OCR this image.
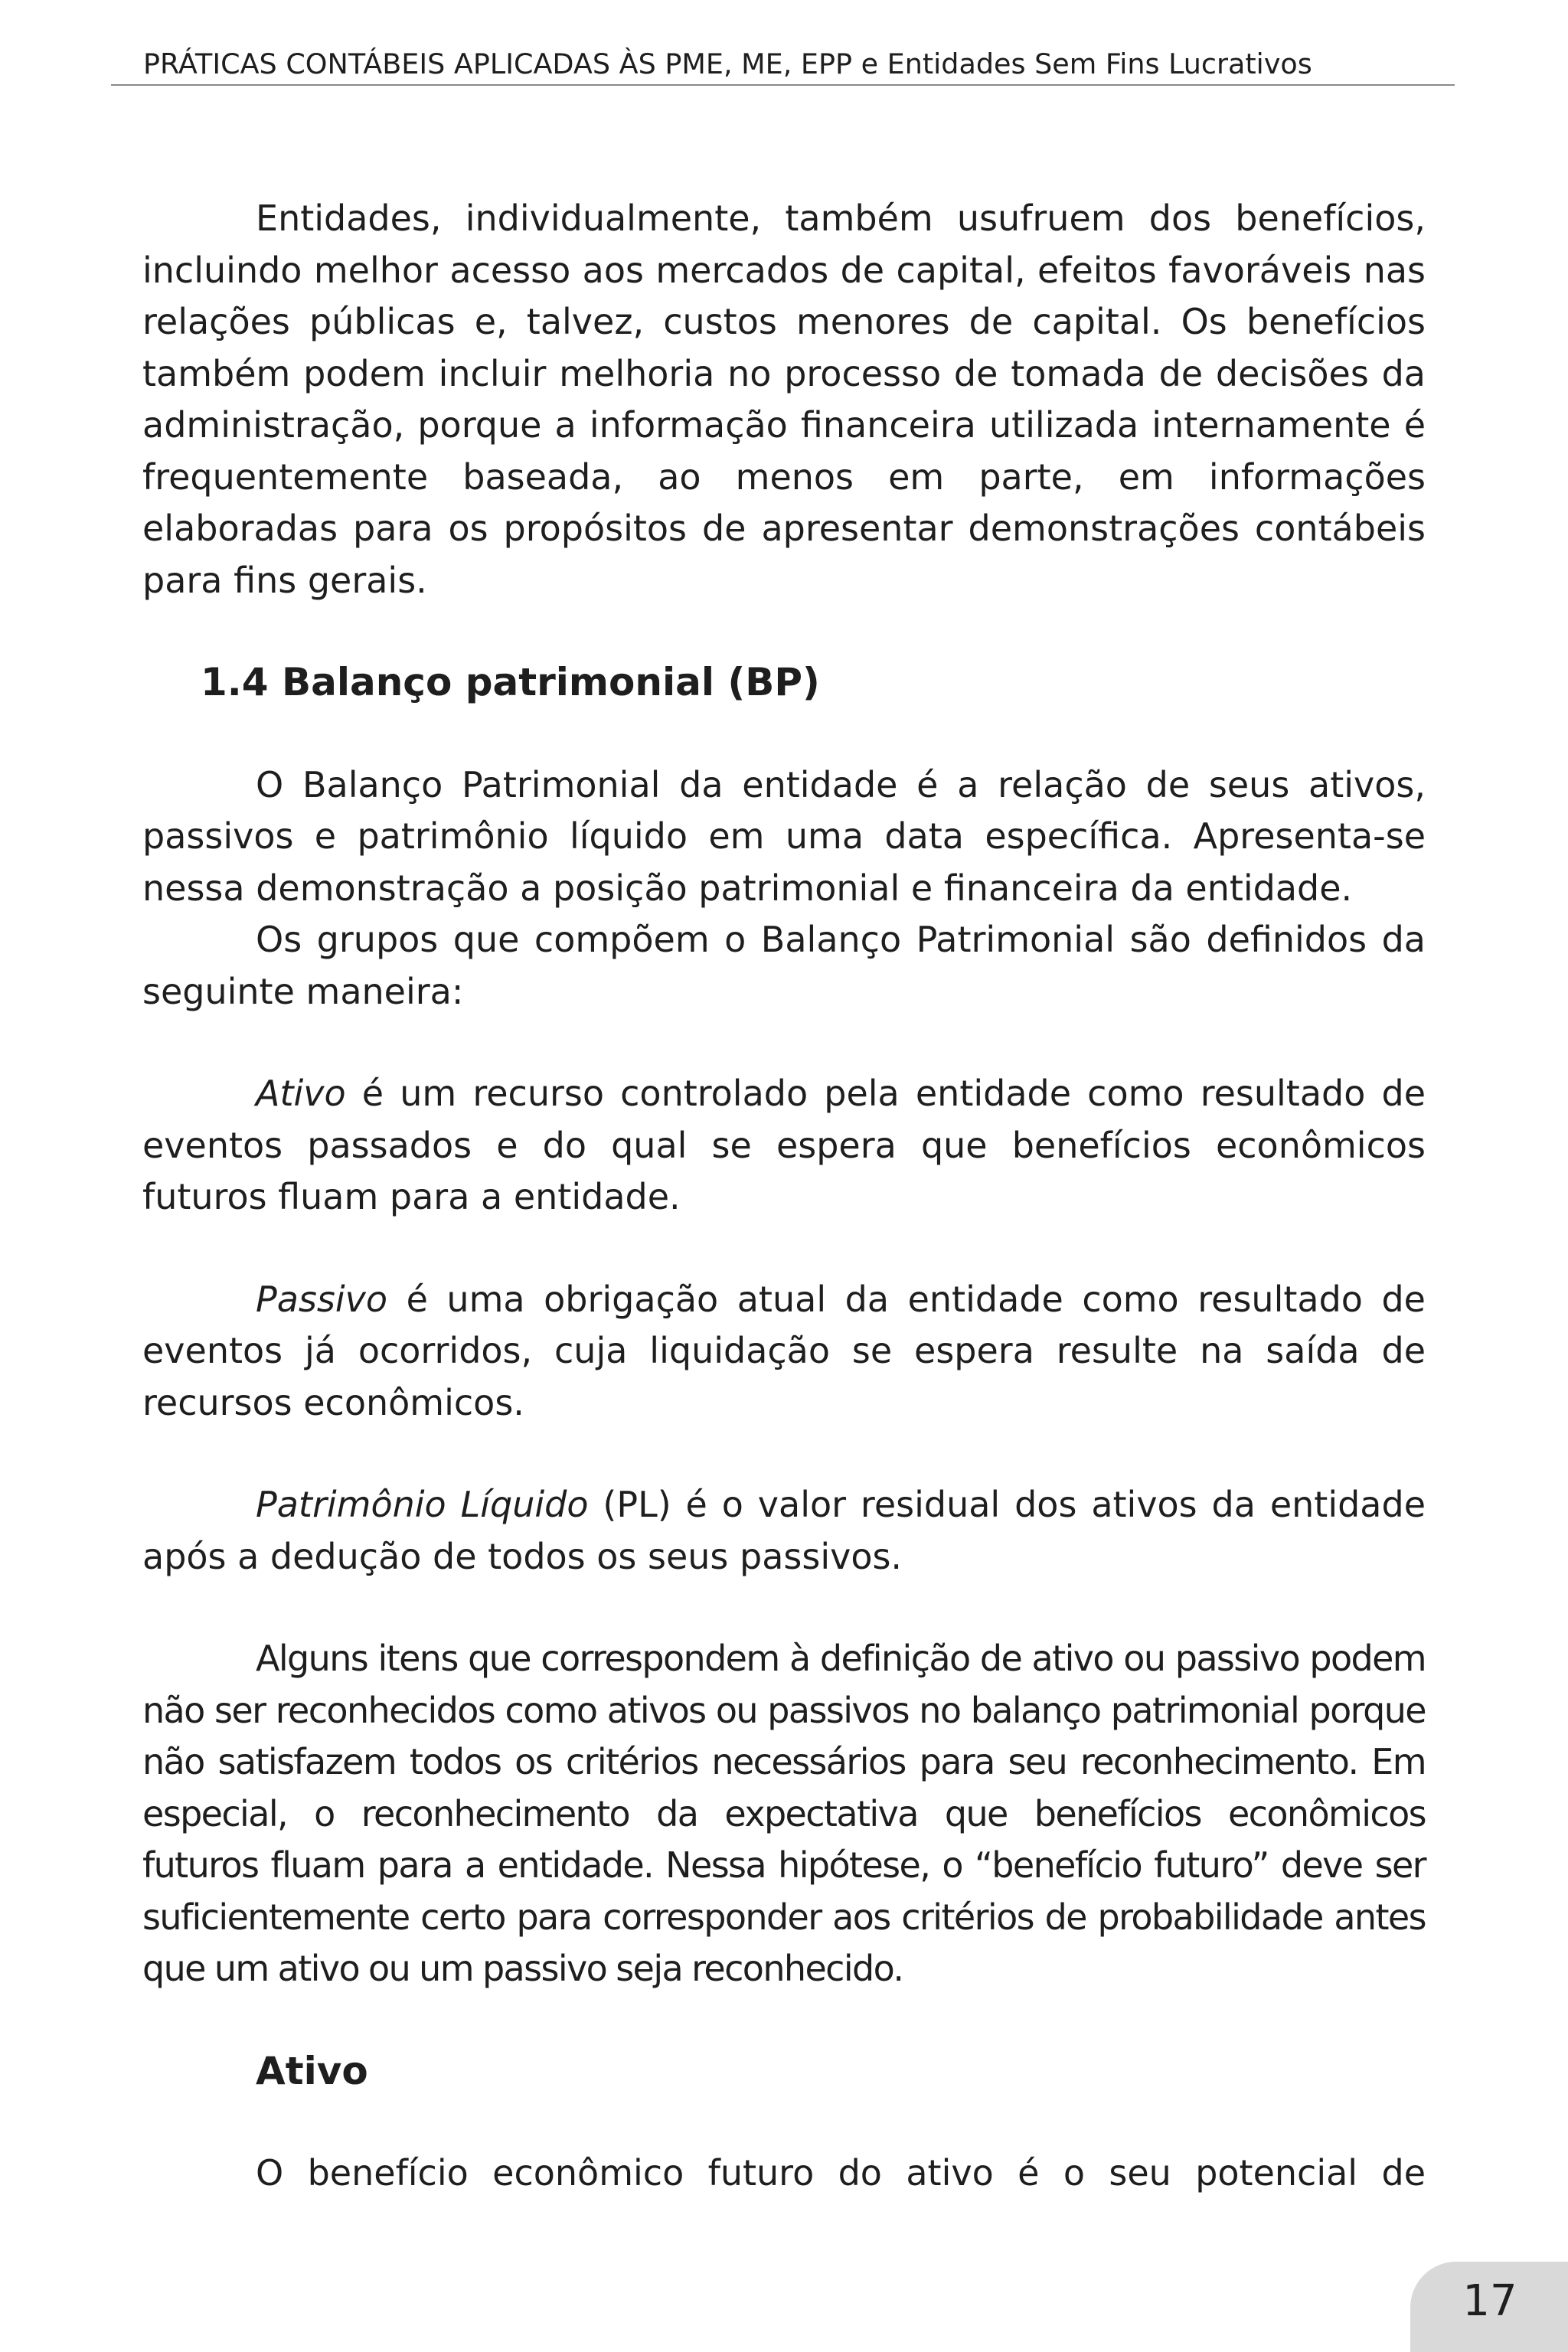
PRÁTICAS CONTÁBEIS APLICADAS ÀS PME, ME, EPP e Entidades Sem Fins Lucrativos

Entidades, individualmente, também usufruem dos benefícios, incluindo melhor acesso aos mercados de capital, efeitos favoráveis nas relações públicas e, talvez, custos menores de capital. Os benefícios também podem incluir melhoria no processo de tomada de decisões da administração, porque a informação financeira utilizada internamente é frequentemente baseada, ao menos em parte, em informações elaboradas para os propósitos de apresentar demonstrações contábeis para fins gerais.

1.4 Balanço patrimonial (BP)

O Balanço Patrimonial da entidade é a relação de seus ativos, passivos e patrimônio líquido em uma data específica. Apresenta-se nessa demonstração a posição patrimonial e financeira da entidade.

Os grupos que compõem o Balanço Patrimonial são definidos da seguinte maneira:

Ativo é um recurso controlado pela entidade como resultado de eventos passados e do qual se espera que benefícios econômicos futuros fluam para a entidade.

Passivo é uma obrigação atual da entidade como resultado de eventos já ocorridos, cuja liquidação se espera resulte na saída de recursos econômicos.

Patrimônio Líquido (PL) é o valor residual dos ativos da entidade após a dedução de todos os seus passivos.

Alguns itens que correspondem à definição de ativo ou passivo podem não ser reconhecidos como ativos ou passivos no balanço patrimonial porque não satisfazem todos os critérios necessários para seu reconhecimento. Em especial, o reconhecimento da expectativa que benefícios econômicos futuros fluam para a entidade. Nessa hipótese, o “benefício futuro” deve ser suficientemente certo para corresponder aos critérios de probabilidade antes que um ativo ou um passivo seja reconhecido.

Ativo

O benefício econômico futuro do ativo é o seu potencial de

17
